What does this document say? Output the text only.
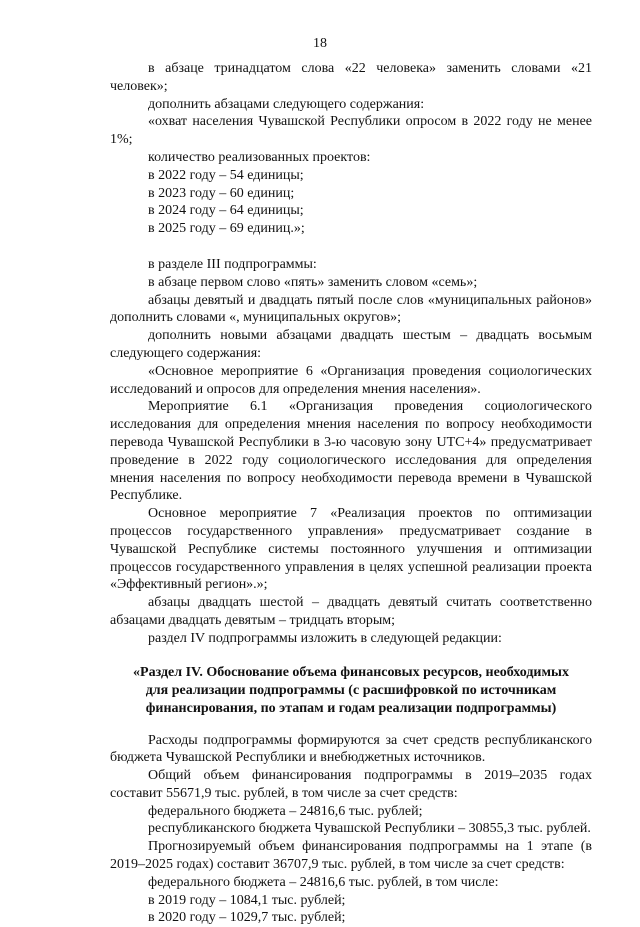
18

в абзаце тринадцатом слова «22 человека» заменить словами «21 человек»;

дополнить абзацами следующего содержания:

«охват населения Чувашской Республики опросом в 2022 году не менее 1%;

количество реализованных проектов:

в 2022 году – 54 единицы;

в 2023 году – 60 единиц;

в 2024 году – 64 единицы;

в 2025 году – 69 единиц.»;

в разделе III подпрограммы:

в абзаце первом слово «пять» заменить словом «семь»;

абзацы девятый и двадцать пятый после слов «муниципальных районов» дополнить словами «, муниципальных округов»;

дополнить новыми абзацами двадцать шестым – двадцать восьмым следующего содержания:

«Основное мероприятие 6 «Организация проведения социологических исследований и опросов для определения мнения населения».

Мероприятие 6.1 «Организация проведения социологического исследования для определения мнения населения по вопросу необходимости перевода Чувашской Республики в 3-ю часовую зону UTC+4» предусматривает проведение в 2022 году социологического исследования для определения мнения населения по вопросу необходимости перевода времени в Чувашской Республике.

Основное мероприятие 7 «Реализация проектов по оптимизации процессов государственного управления» предусматривает создание в Чувашской Республике системы постоянного улучшения и оптимизации процессов государственного управления в целях успешной реализации проекта «Эффективный регион».»;

абзацы двадцать шестой – двадцать девятый считать соответственно абзацами двадцать девятым – тридцать вторым;

раздел IV подпрограммы изложить в следующей редакции:

«Раздел IV. Обоснование объема финансовых ресурсов, необходимых для реализации подпрограммы (с расшифровкой по источникам финансирования, по этапам и годам реализации подпрограммы)

Расходы подпрограммы формируются за счет средств республиканского бюджета Чувашской Республики и внебюджетных источников.

Общий объем финансирования подпрограммы в 2019–2035 годах составит 55671,9 тыс. рублей, в том числе за счет средств:

федерального бюджета – 24816,6 тыс. рублей;

республиканского бюджета Чувашской Республики – 30855,3 тыс. рублей.

Прогнозируемый объем финансирования подпрограммы на 1 этапе (в 2019–2025 годах) составит 36707,9 тыс. рублей, в том числе за счет средств:

федерального бюджета – 24816,6 тыс. рублей, в том числе:

в 2019 году – 1084,1 тыс. рублей;

в 2020 году – 1029,7 тыс. рублей;
